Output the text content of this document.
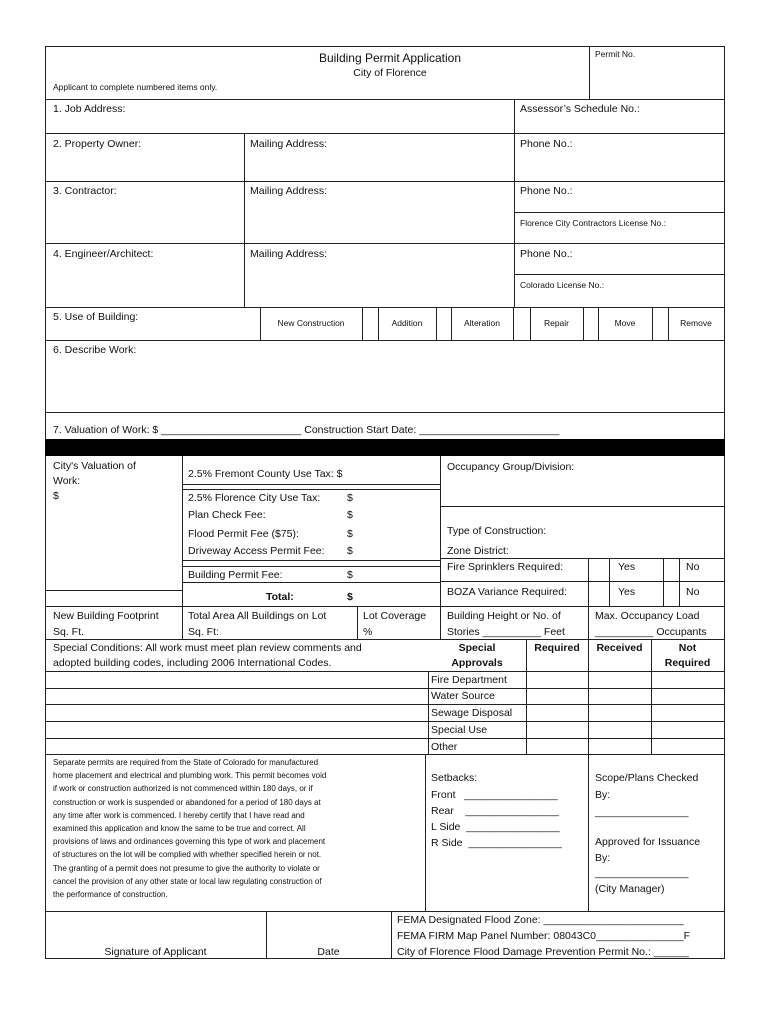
Building Permit Application
City of Florence
Permit No.
Applicant to complete numbered items only.
1. Job Address:	Assessor’s Schedule No.:
2. Property Owner:	Mailing Address:	Phone No.:
3. Contractor:	Mailing Address:	Phone No.:
Florence City Contractors License No.:
4. Engineer/Architect:	Mailing Address:	Phone No.:
Colorado License No.:
5. Use of Building:	New Construction	Addition	Alteration	Repair	Move	Remove
6. Describe Work:
7. Valuation of Work: $ ________________________ Construction Start Date: ________________________
City's Valuation of
Work:
$
2.5% Fremont County Use Tax: $
2.5% Florence City Use Tax:	$
Plan Check Fee:	$
Flood Permit Fee ($75):	$
Driveway Access Permit Fee: $
Building Permit Fee:	$
Total:	$
Occupancy Group/Division:
Type of Construction:
Zone District:
Fire Sprinklers Required:	Yes	No
BOZA Variance Required:	Yes	No
New Building Footprint
Sq. Ft.
Total Area All Buildings on Lot
Sq. Ft:
Lot Coverage
%
Building Height or No. of
Stories __________ Feet
Max. Occupancy Load
__________ Occupants
Special Conditions: All work must meet plan review comments and
adopted building codes, including 2006 International Codes.
Special
Approvals
Required	Received	Not
Required
Fire Department
Water Source
Sewage Disposal
Special Use
Other
Separate permits are required from the State of Colorado for manufactured
home placement and electrical and plumbing work. This permit becomes void
if work or construction authorized is not commenced within 180 days, or if
construction or work is suspended or abandoned for a period of 180 days at
any time after work is commenced. I hereby certify that I have read and
examined this application and know the same to be true and correct. All
provisions of laws and ordinances governing this type of work and placement
of structures on the lot will be complied with whether specified herein or not.
The granting of a permit does not presume to give the authority to violate or
cancel the provision of any other state or local law regulating construction of
the performance of construction.
Setbacks:
Front   ________________
Rear    ________________
L Side  ________________
R Side  ________________
Scope/Plans Checked
By:
________________
Approved for Issuance
By:
________________
(City Manager)
Signature of Applicant	Date
FEMA Designated Flood Zone: ________________________
FEMA FIRM Map Panel Number: 08043C0_______________F
City of Florence Flood Damage Prevention Permit No.: ______
